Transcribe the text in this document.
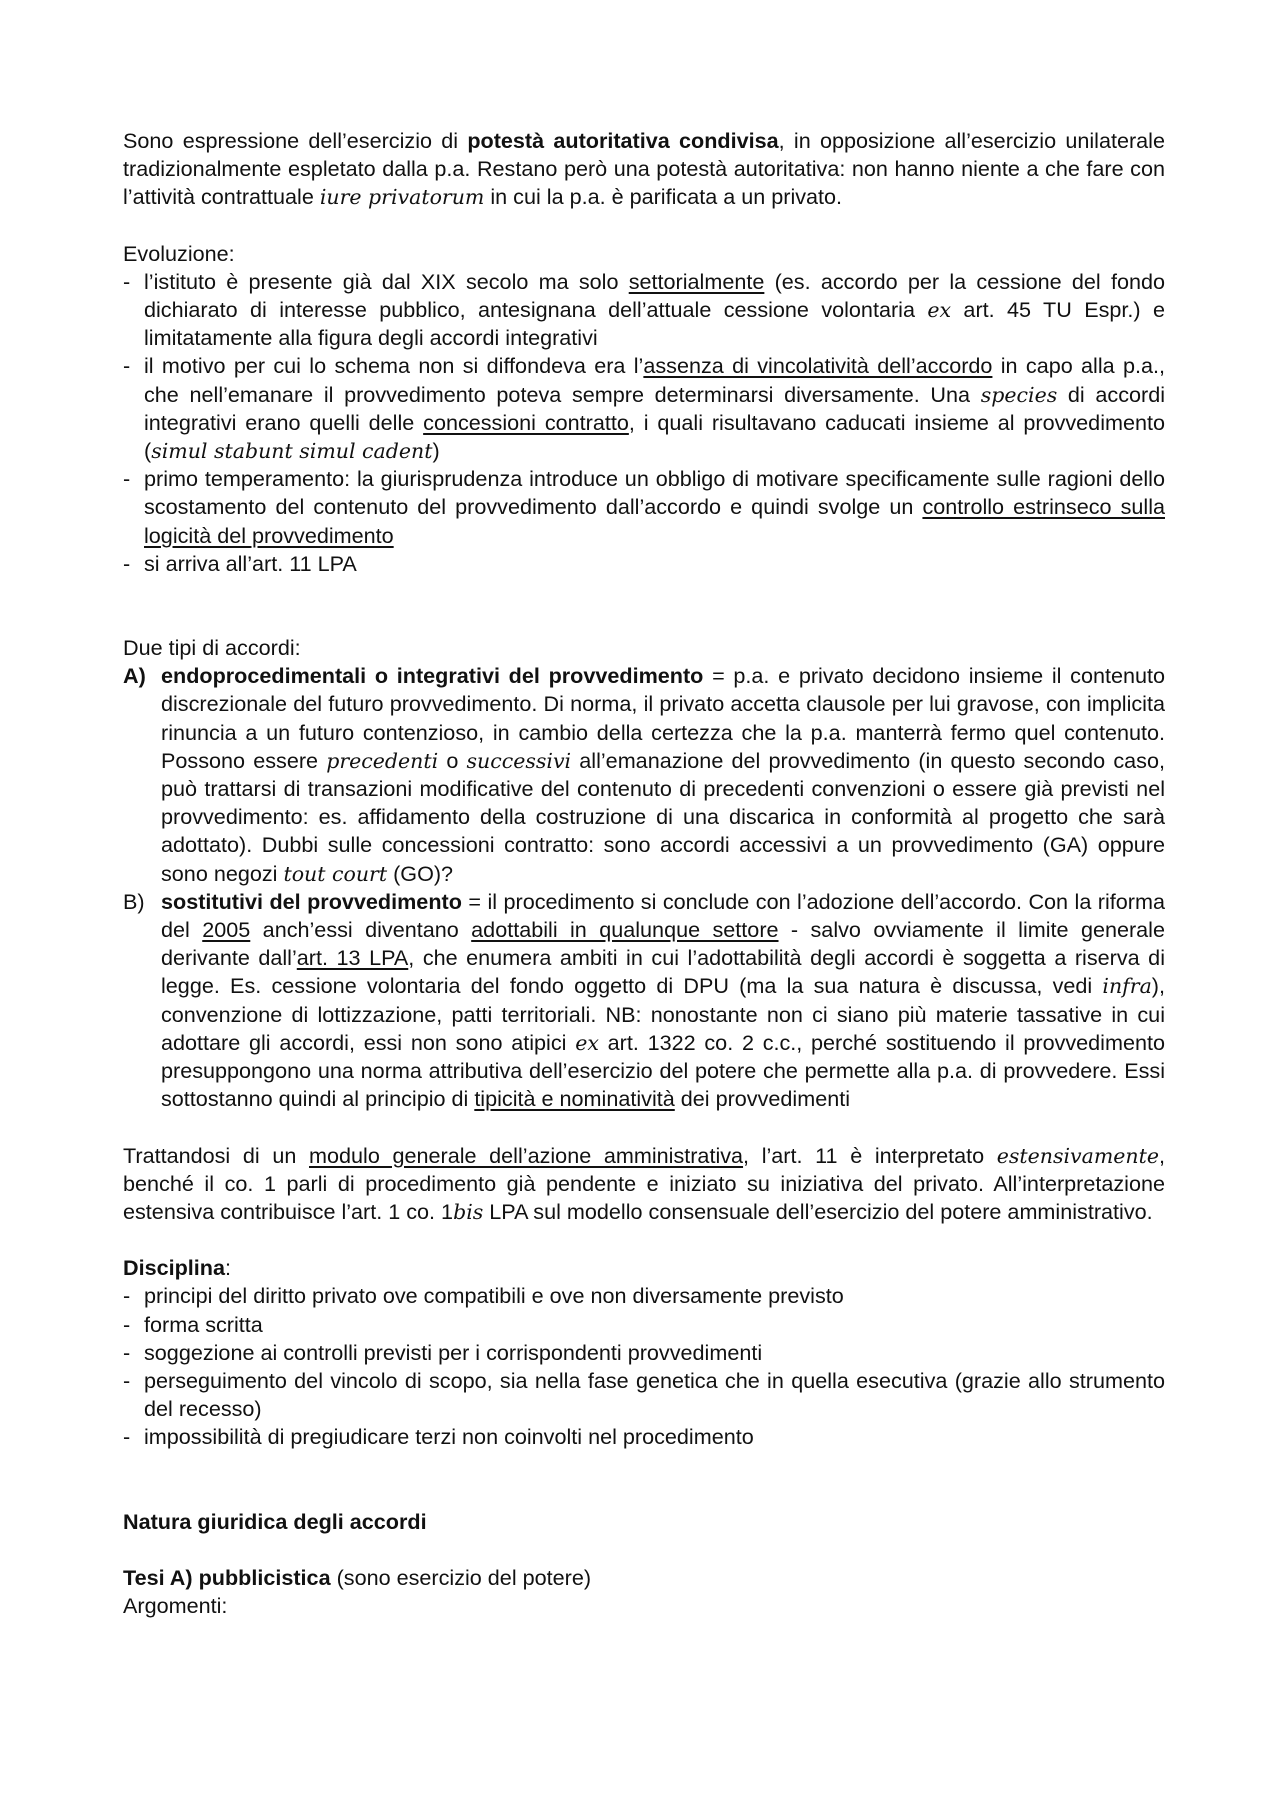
Sono espressione dell’esercizio di potestà autoritativa condivisa, in opposizione all’esercizio unilaterale tradizionalmente espletato dalla p.a. Restano però una potestà autoritativa: non hanno niente a che fare con l’attività contrattuale iure privatorum in cui la p.a. è parificata a un privato.

Evoluzione:

- l’istituto è presente già dal XIX secolo ma solo settorialmente (es. accordo per la cessione del fondo dichiarato di interesse pubblico, antesignana dell’attuale cessione volontaria ex art. 45 TU Espr.) e limitatamente alla figura degli accordi integrativi
- il motivo per cui lo schema non si diffondeva era l’assenza di vincolatività dell’accordo in capo alla p.a., che nell’emanare il provvedimento poteva sempre determinarsi diversamente. Una species di accordi integrativi erano quelli delle concessioni contratto, i quali risultavano caducati insieme al provvedimento (simul stabunt simul cadent)
- primo temperamento: la giurisprudenza introduce un obbligo di motivare specificamente sulle ragioni dello scostamento del contenuto del provvedimento dall’accordo e quindi svolge un controllo estrinseco sulla logicità del provvedimento
- si arriva all’art. 11 LPA

Due tipi di accordi:

A) endoprocedimentali o integrativi del provvedimento = p.a. e privato decidono insieme il contenuto discrezionale del futuro provvedimento. Di norma, il privato accetta clausole per lui gravose, con implicita rinuncia a un futuro contenzioso, in cambio della certezza che la p.a. manterrà fermo quel contenuto. Possono essere precedenti o successivi all’emanazione del provvedimento (in questo secondo caso, può trattarsi di transazioni modificative del contenuto di precedenti convenzioni o essere già previsti nel provvedimento: es. affidamento della costruzione di una discarica in conformità al progetto che sarà adottato). Dubbi sulle concessioni contratto: sono accordi accessivi a un provvedimento (GA) oppure sono negozi tout court (GO)?
B) sostitutivi del provvedimento = il procedimento si conclude con l’adozione dell’accordo. Con la riforma del 2005 anch’essi diventano adottabili in qualunque settore - salvo ovviamente il limite generale derivante dall’art. 13 LPA, che enumera ambiti in cui l’adottabilità degli accordi è soggetta a riserva di legge. Es. cessione volontaria del fondo oggetto di DPU (ma la sua natura è discussa, vedi infra), convenzione di lottizzazione, patti territoriali. NB: nonostante non ci siano più materie tassative in cui adottare gli accordi, essi non sono atipici ex art. 1322 co. 2 c.c., perché sostituendo il provvedimento presuppongono una norma attributiva dell’esercizio del potere che permette alla p.a. di provvedere. Essi sottostanno quindi al principio di tipicità e nominatività dei provvedimenti

Trattandosi di un modulo generale dell’azione amministrativa, l’art. 11 è interpretato estensivamente, benché il co. 1 parli di procedimento già pendente e iniziato su iniziativa del privato. All’interpretazione estensiva contribuisce l’art. 1 co. 1bis LPA sul modello consensuale dell’esercizio del potere amministrativo.

Disciplina:

- principi del diritto privato ove compatibili e ove non diversamente previsto
- forma scritta
- soggezione ai controlli previsti per i corrispondenti provvedimenti
- perseguimento del vincolo di scopo, sia nella fase genetica che in quella esecutiva (grazie allo strumento del recesso)
- impossibilità di pregiudicare terzi non coinvolti nel procedimento

Natura giuridica degli accordi

Tesi A) pubblicistica (sono esercizio del potere)

Argomenti:
